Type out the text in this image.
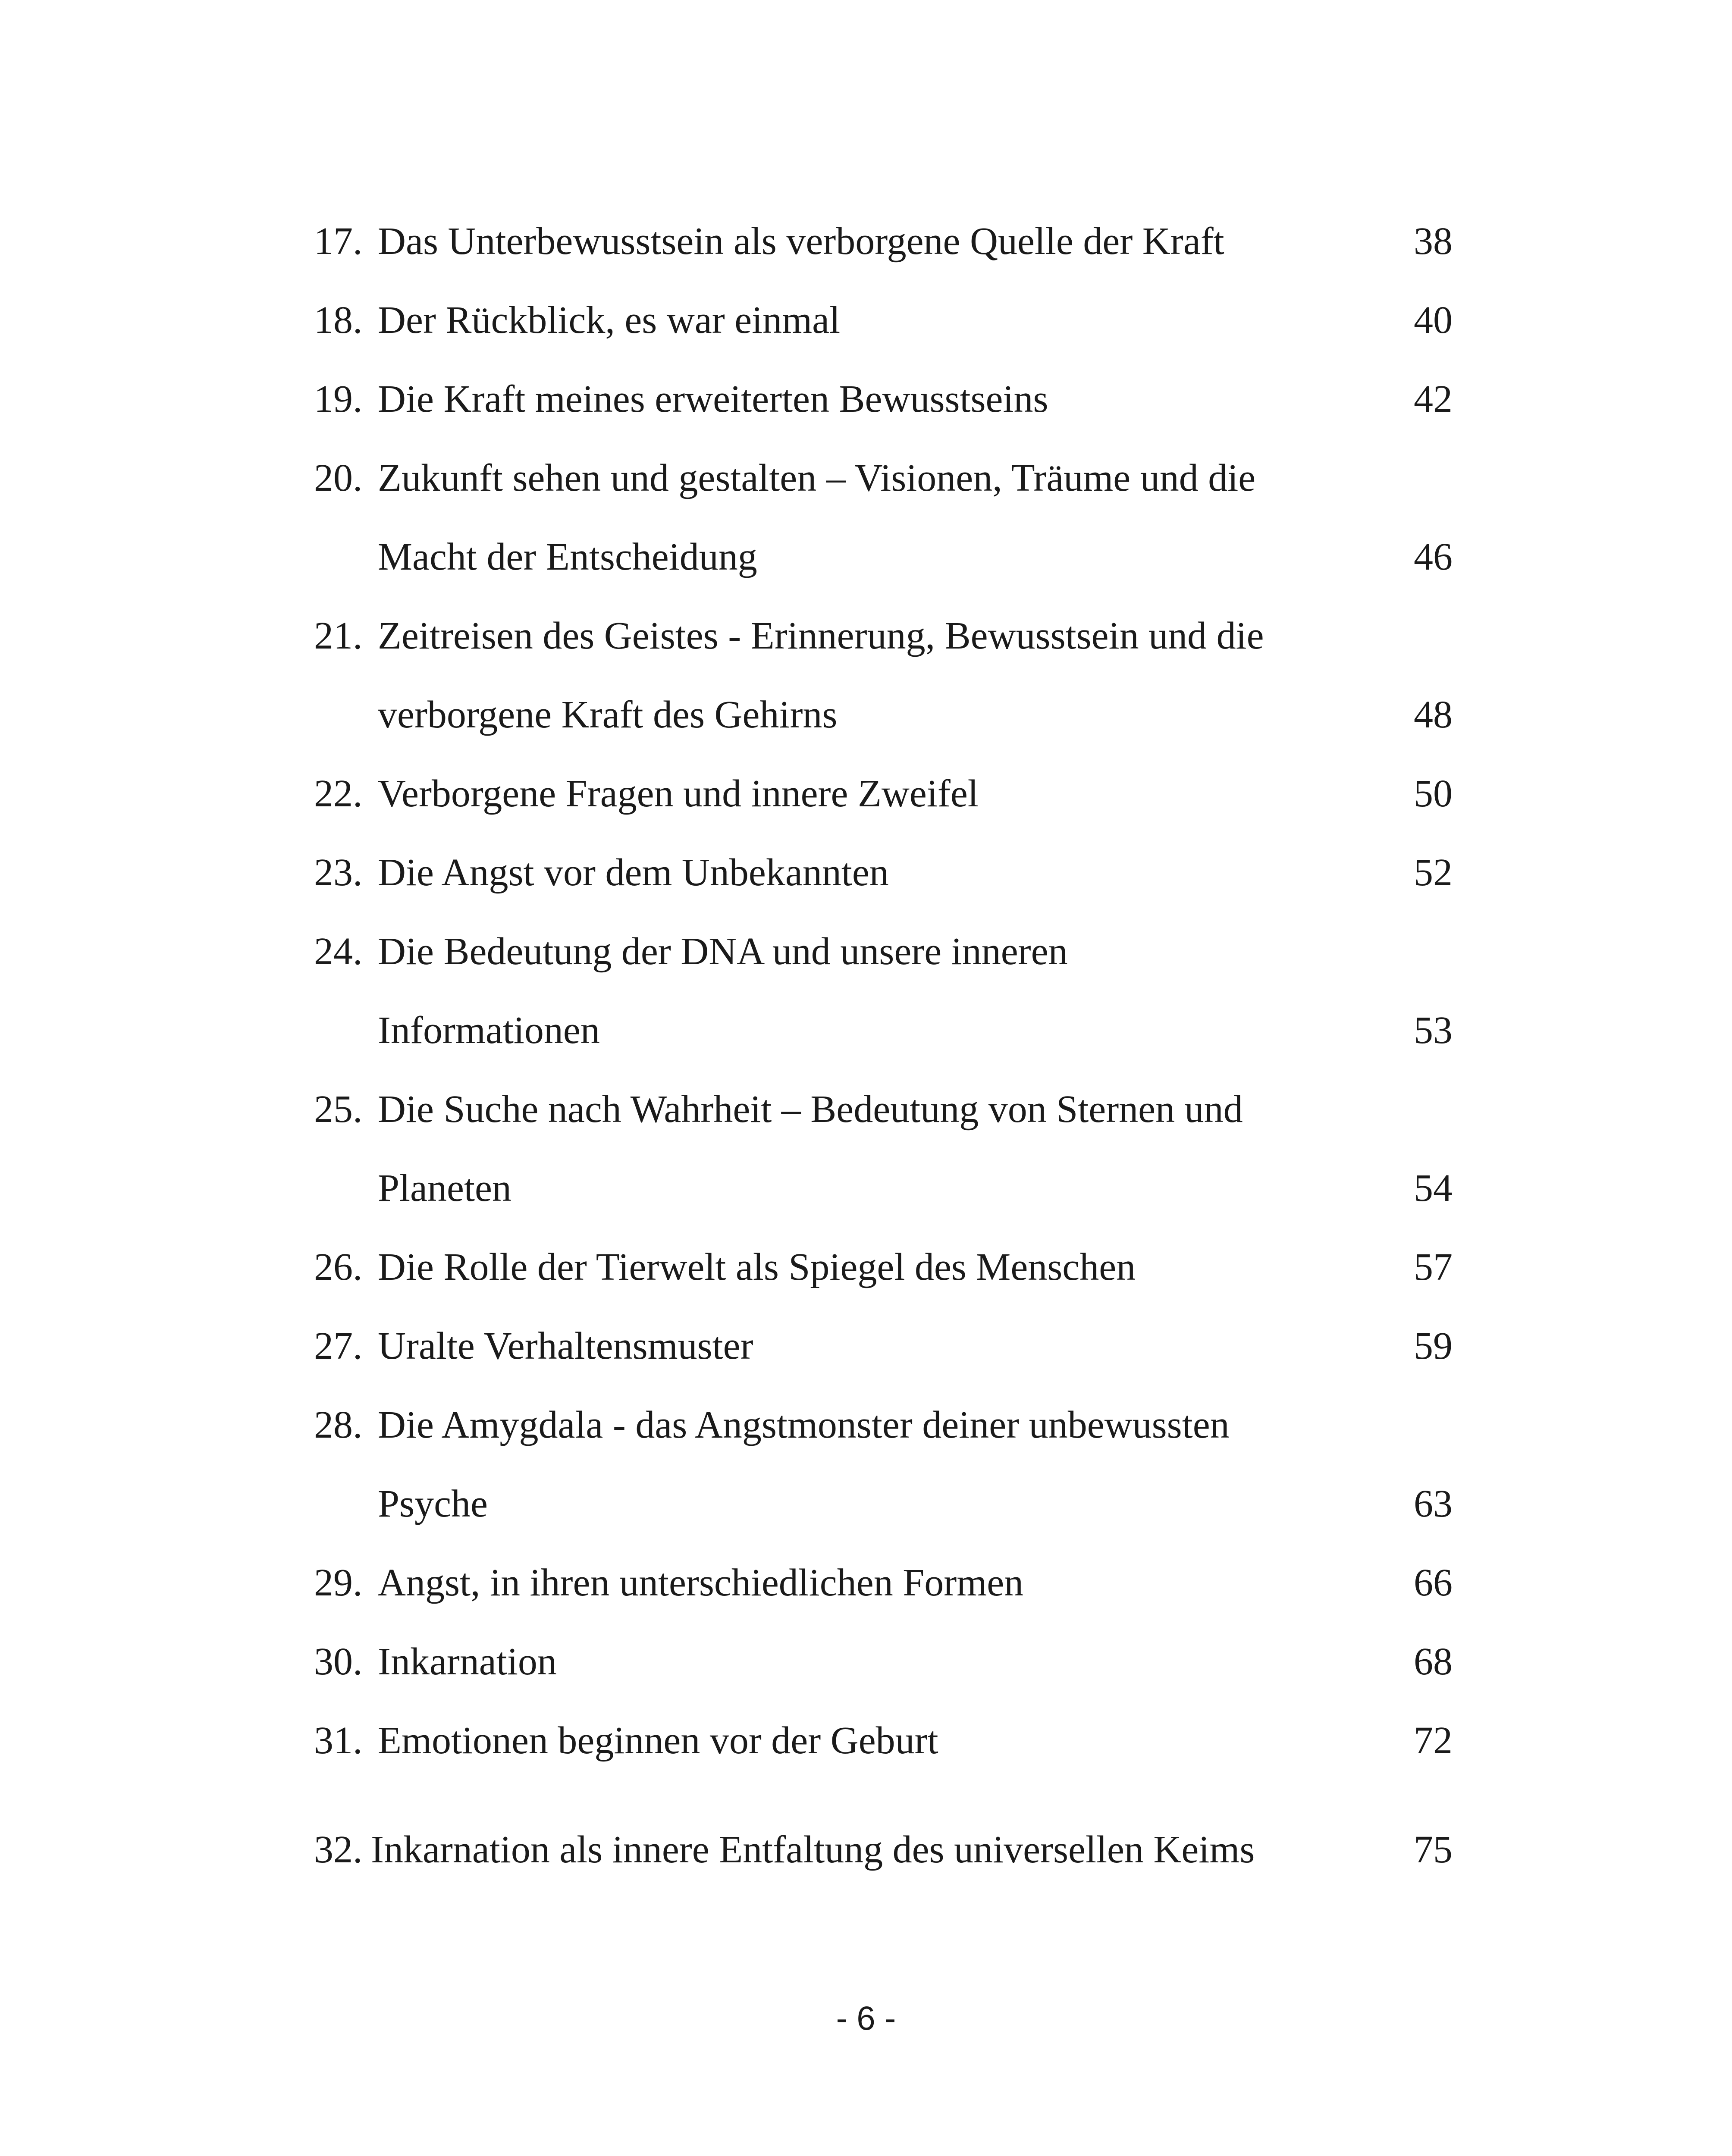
17. Das Unterbewusstsein als verborgene Quelle der Kraft	38
18. Der Rückblick, es war einmal	40
19. Die Kraft meines erweiterten Bewusstseins	42
20. Zukunft sehen und gestalten – Visionen, Träume und die
Macht der Entscheidung	46
21. Zeitreisen des Geistes - Erinnerung, Bewusstsein und die
verborgene Kraft des Gehirns	48
22. Verborgene Fragen und innere Zweifel	50
23. Die Angst vor dem Unbekannten	52
24. Die Bedeutung der DNA und unsere inneren
Informationen	53
25. Die Suche nach Wahrheit – Bedeutung von Sternen und
Planeten	54
26. Die Rolle der Tierwelt als Spiegel des Menschen	57
27. Uralte Verhaltensmuster	59
28. Die Amygdala - das Angstmonster deiner unbewussten
Psyche	63
29. Angst, in ihren unterschiedlichen Formen	66
30. Inkarnation	68
31. Emotionen beginnen vor der Geburt	72
32. Inkarnation als innere Entfaltung des universellen Keims	75
- 6 -
